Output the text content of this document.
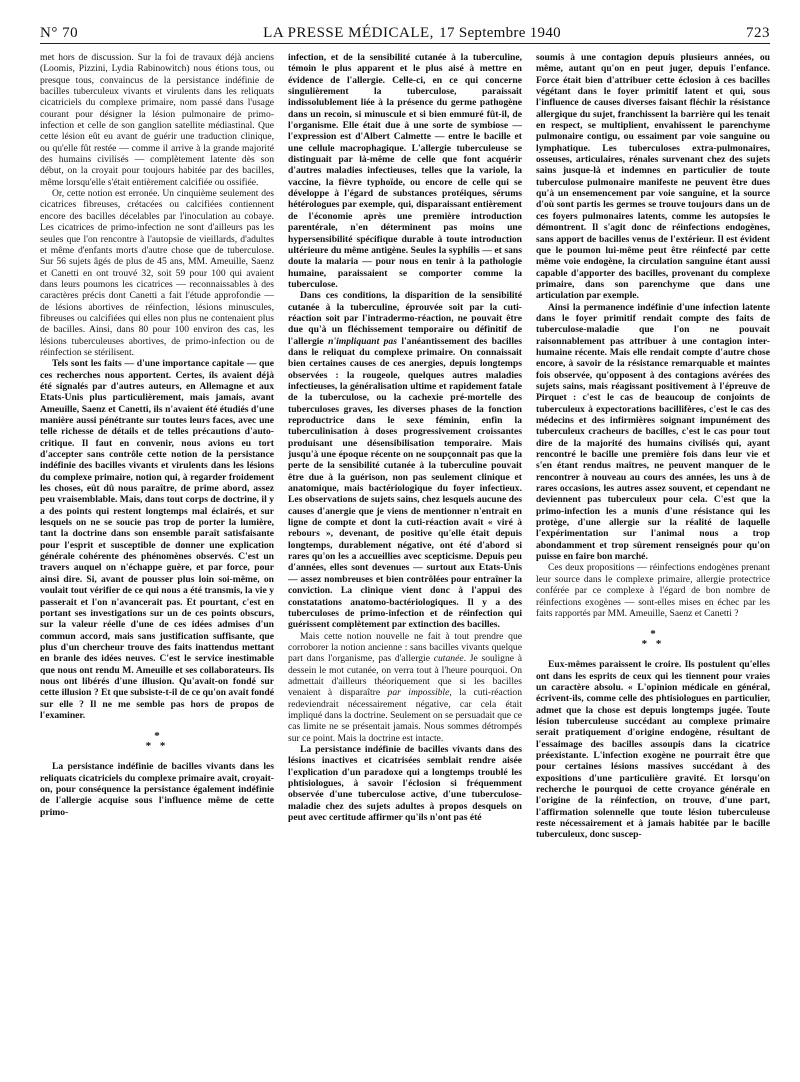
N° 70	LA PRESSE MÉDICALE, 17 Septembre 1940	723

met hors de discussion. Sur la foi de travaux déjà anciens (Loomis, Pizzini, Lydia Rabinowitch) nous étions tous, ou presque tous, convaincus de la persistance indéfinie de bacilles tuberculeux vivants et virulents dans les reliquats cicatriciels du complexe primaire, nom passé dans l'usage courant pour désigner la lésion pulmonaire de primo-infection et celle de son ganglion satellite médiastinal. Que cette lésion eût eu avant de guérir une traduction clinique, ou qu'elle fût restée — comme il arrive à la grande majorité des humains civilisés — complètement latente dès son début, on la croyait pour toujours habitée par des bacilles, même lorsqu'elle s'était entièrement calcifiée ou ossifiée.

Or, cette notion est erronée. Un cinquième seulement des cicatrices fibreuses, crétacées ou calcifiées contiennent encore des bacilles décelables par l'inoculation au cobaye. Les cicatrices de primo-infection ne sont d'ailleurs pas les seules que l'on rencontre à l'autopsie de vieillards, d'adultes et même d'enfants morts d'autre chose que de tuberculose. Sur 56 sujets âgés de plus de 45 ans, MM. Ameuille, Saenz et Canetti en ont trouvé 32, soit 59 pour 100 qui avaient dans leurs poumons les cicatrices — reconnaissables à des caractères précis dont Canetti a fait l'étude approfondie — de lésions abortives de réinfection, lésions minuscules, fibreuses ou calcifiées qui elles non plus ne contenaient plus de bacilles. Ainsi, dans 80 pour 100 environ des cas, les lésions tuberculeuses abortives, de primo-infection ou de réinfection se stérilisent.

Tels sont les faits — d'une importance capitale — que ces recherches nous apportent. Certes, ils avaient déjà été signalés par d'autres auteurs, en Allemagne et aux Etats-Unis plus particulièrement, mais jamais, avant Ameuille, Saenz et Canetti, ils n'avaient été étudiés d'une manière aussi pénétrante sur toutes leurs faces, avec une telle richesse de détails et de telles précautions d'auto-critique. Il faut en convenir, nous avions eu tort d'accepter sans contrôle cette notion de la persistance indéfinie des bacilles vivants et virulents dans les lésions du complexe primaire, notion qui, à regarder froidement les choses, eût dû nous paraître, de prime abord, assez peu vraisemblable. Mais, dans tout corps de doctrine, il y a des points qui restent longtemps mal éclairés, et sur lesquels on ne se soucie pas trop de porter la lumière, tant la doctrine dans son ensemble paraît satisfaisante pour l'esprit et susceptible de donner une explication générale cohérente des phénomènes observés. C'est un travers auquel on n'échappe guère, et par force, pour ainsi dire. Si, avant de pousser plus loin soi-même, on voulait tout vérifier de ce qui nous a été transmis, la vie y passerait et l'on n'avancerait pas. Et pourtant, c'est en portant ses investigations sur un de ces points obscurs, sur la valeur réelle d'une de ces idées admises d'un commun accord, mais sans justification suffisante, que plus d'un chercheur trouve des faits inattendus mettant en branle des idées neuves. C'est le service inestimable que nous ont rendu M. Ameuille et ses collaborateurs. Ils nous ont libérés d'une illusion. Qu'avait-on fondé sur cette illusion ? Et que subsiste-t-il de ce qu'on avait fondé sur elle ? Il ne me semble pas hors de propos de l'examiner.

*
* *

La persistance indéfinie de bacilles vivants dans les reliquats cicatriciels du complexe primaire avait, croyait-on, pour conséquence la persistance également indéfinie de l'allergie acquise sous l'influence même de cette primo-

infection, et de la sensibilité cutanée à la tuberculine, témoin le plus apparent et le plus aisé à mettre en évidence de l'allergie. Celle-ci, en ce qui concerne singulièrement la tuberculose, paraissait indissolublement liée à la présence du germe pathogène dans un recoin, si minuscule et si bien emmuré fût-il, de l'organisme. Elle était due à une sorte de symbiose — l'expression est d'Albert Calmette — entre le bacille et une cellule macrophagique. L'allergie tuberculeuse se distinguait par là-même de celle que font acquérir d'autres maladies infectieuses, telles que la variole, la vaccine, la fièvre typhoïde, ou encore de celle qui se développe à l'égard de substances protéiques, sérums hétérologues par exemple, qui, disparaissant entièrement de l'économie après une première introduction parentérale, n'en déterminent pas moins une hypersensibilité spécifique durable à toute introduction ultérieure du même antigène. Seules la syphilis — et sans doute la malaria — pour nous en tenir à la pathologie humaine, paraissaient se comporter comme la tuberculose.

Dans ces conditions, la disparition de la sensibilité cutanée à la tuberculine, éprouvée soit par la cuti-réaction soit par l'intradermo-réaction, ne pouvait être due qu'à un fléchissement temporaire ou définitif de l'allergie n'impliquant pas l'anéantissement des bacilles dans le reliquat du complexe primaire. On connaissait bien certaines causes de ces anergies, depuis longtemps observées : la rougeole, quelques autres maladies infectieuses, la généralisation ultime et rapidement fatale de la tuberculose, ou la cachexie pré-mortelle des tuberculoses graves, les diverses phases de la fonction reproductrice dans le sexe féminin, enfin la tuberculinisation à doses progressivement croissantes produisant une désensibilisation temporaire. Mais jusqu'à une époque récente on ne soupçonnait pas que la perte de la sensibilité cutanée à la tuberculine pouvait être due à la guérison, non pas seulement clinique et anatomique, mais bactériologique du foyer infectieux. Les observations de sujets sains, chez lesquels aucune des causes d'anergie que je viens de mentionner n'entrait en ligne de compte et dont la cuti-réaction avait « viré à rebours », devenant, de positive qu'elle était depuis longtemps, durablement négative, ont été d'abord si rares qu'on les a accueillies avec scepticisme. Depuis peu d'années, elles sont devenues — surtout aux Etats-Unis — assez nombreuses et bien contrôlées pour entraîner la conviction. La clinique vient donc à l'appui des constatations anatomo-bactériologiques. Il y a des tuberculoses de primo-infection et de réinfection qui guérissent complètement par extinction des bacilles.

Mais cette notion nouvelle ne fait à tout prendre que corroborer la notion ancienne : sans bacilles vivants quelque part dans l'organisme, pas d'allergie cutanée. Je souligne à dessein le mot cutanée, on verra tout à l'heure pourquoi. On admettait d'ailleurs théoriquement que si les bacilles venaient à disparaître par impossible, la cuti-réaction redeviendrait nécessairement négative, car cela était impliqué dans la doctrine. Seulement on se persuadait que ce cas limite ne se présentait jamais. Nous sommes détrompés sur ce point. Mais la doctrine est intacte.

La persistance indéfinie de bacilles vivants dans des lésions inactives et cicatrisées semblait rendre aisée l'explication d'un paradoxe qui a longtemps troublé les phtisiologues, à savoir l'éclosion si fréquemment observée d'une tuberculose active, d'une tuberculose-maladie chez des sujets adultes à propos desquels on peut avec certitude affirmer qu'ils n'ont pas été

soumis à une contagion depuis plusieurs années, ou même, autant qu'on en peut juger, depuis l'enfance. Force était bien d'attribuer cette éclosion à ces bacilles végétant dans le foyer primitif latent et qui, sous l'influence de causes diverses faisant fléchir la résistance allergique du sujet, franchissent la barrière qui les tenait en respect, se multiplient, envahissent le parenchyme pulmonaire contigu, ou essaiment par voie sanguine ou lymphatique. Les tuberculoses extra-pulmonaires, osseuses, articulaires, rénales survenant chez des sujets sains jusque-là et indemnes en particulier de toute tuberculose pulmonaire manifeste ne peuvent être dues qu'à un ensemencement par voie sanguine, et la source d'où sont partis les germes se trouve toujours dans un de ces foyers pulmonaires latents, comme les autopsies le démontrent. Il s'agit donc de réinfections endogènes, sans apport de bacilles venus de l'extérieur. Il est évident que le poumon lui-même peut être réinfecté par cette même voie endogène, la circulation sanguine étant aussi capable d'apporter des bacilles, provenant du complexe primaire, dans son parenchyme que dans une articulation par exemple.

Ainsi la permanence indéfinie d'une infection latente dans le foyer primitif rendait compte des faits de tuberculose-maladie que l'on ne pouvait raisonnablement pas attribuer à une contagion inter-humaine récente. Mais elle rendait compte d'autre chose encore, à savoir de la résistance remarquable et maintes fois observée, qu'opposent à des contagions avérées des sujets sains, mais réagissant positivement à l'épreuve de Pirquet : c'est le cas de beaucoup de conjoints de tuberculeux à expectorations bacillifères, c'est le cas des médecins et des infirmières soignant impunément des tuberculeux cracheurs de bacilles, c'est le cas pour tout dire de la majorité des humains civilisés qui, ayant rencontré le bacille une première fois dans leur vie et s'en étant rendus maîtres, ne peuvent manquer de le rencontrer à nouveau au cours des années, les uns à de rares occasions, les autres assez souvent, et cependant ne deviennent pas tuberculeux pour cela. C'est que la primo-infection les a munis d'une résistance qui les protège, d'une allergie sur la réalité de laquelle l'expérimentation sur l'animal nous a trop abondamment et trop sûrement renseignés pour qu'on puisse en faire bon marché.

Ces deux propositions — réinfections endogènes prenant leur source dans le complexe primaire, allergie protectrice conférée par ce complexe à l'égard de bon nombre de réinfections exogènes — sont-elles mises en échec par les faits rapportés par MM. Ameuille, Saenz et Canetti ?

*
* *

Eux-mêmes paraissent le croire. Ils postulent qu'elles ont dans les esprits de ceux qui les tiennent pour vraies un caractère absolu. « L'opinion médicale en général, écrivent-ils, comme celle des phtisiologues en particulier, admet que la chose est depuis longtemps jugée. Toute lésion tuberculeuse succédant au complexe primaire serait pratiquement d'origine endogène, résultant de l'essaimage des bacilles assoupis dans la cicatrice préexistante. L'infection exogène ne pourrait être que pour certaines lésions massives succédant à des expositions d'une particulière gravité. Et lorsqu'on recherche le pourquoi de cette croyance générale en l'origine de la réinfection, on trouve, d'une part, l'affirmation solennelle que toute lésion tuberculeuse reste nécessairement et à jamais habitée par le bacille tuberculeux, donc suscep-
